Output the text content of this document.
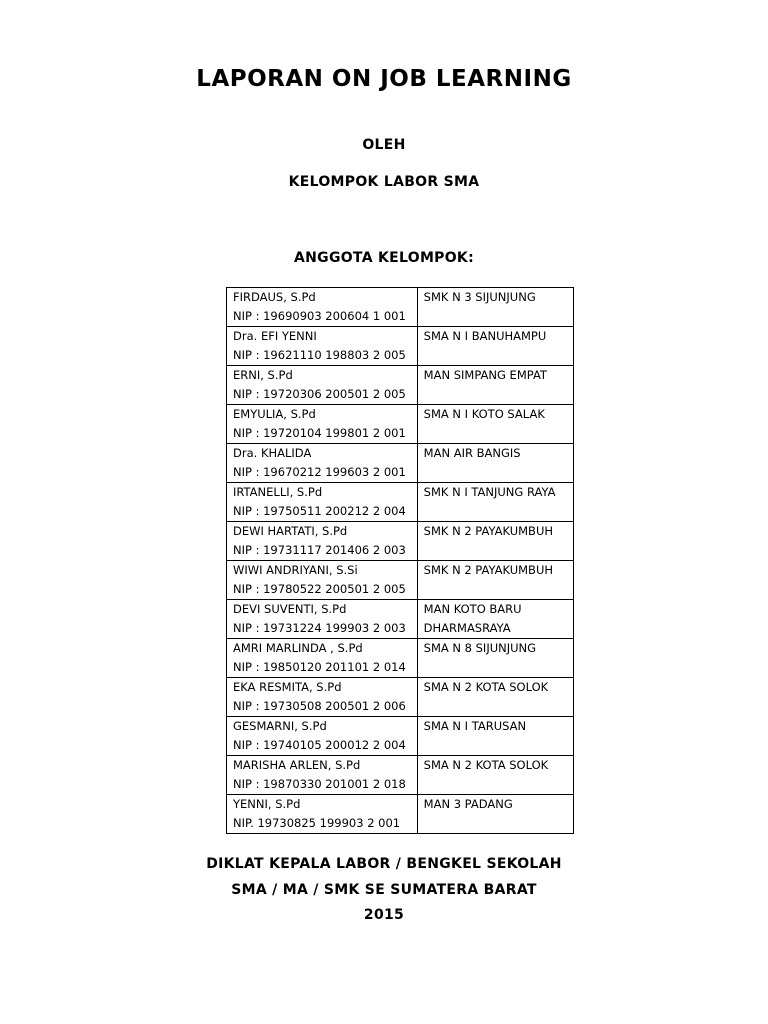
LAPORAN ON JOB LEARNING
OLEH
KELOMPOK LABOR SMA
ANGGOTA KELOMPOK:
FIRDAUS, S.Pd
NIP : 19690903 200604 1 001	SMK N 3 SIJUNJUNG

Dra. EFI YENNI
NIP : 19621110 198803 2 005	SMA N I BANUHAMPU

ERNI, S.Pd
NIP : 19720306 200501 2 005	MAN SIMPANG EMPAT

EMYULIA, S.Pd
NIP : 19720104 199801 2 001	SMA N I KOTO SALAK

Dra. KHALIDA
NIP : 19670212 199603 2 001	MAN AIR BANGIS

IRTANELLI, S.Pd
NIP : 19750511 200212 2 004	SMK N I TANJUNG RAYA

DEWI HARTATI, S.Pd
NIP : 19731117 201406 2 003	SMK N 2 PAYAKUMBUH

WIWI ANDRIYANI, S.Si
NIP : 19780522 200501 2 005	SMK N 2 PAYAKUMBUH

DEVI SUVENTI, S.Pd
NIP : 19731224 199903 2 003	MAN KOTO BARU
DHARMASRAYA

AMRI MARLINDA , S.Pd
NIP : 19850120 201101 2 014	SMA N 8 SIJUNJUNG

EKA RESMITA, S.Pd
NIP : 19730508 200501 2 006	SMA N 2 KOTA SOLOK

GESMARNI, S.Pd
NIP : 19740105 200012 2 004	SMA N I TARUSAN

MARISHA ARLEN, S.Pd
NIP : 19870330 201001 2 018	SMA N 2 KOTA SOLOK

YENNI, S.Pd
NIP. 19730825 199903 2 001	MAN 3 PADANG
DIKLAT KEPALA LABOR / BENGKEL SEKOLAH
SMA / MA / SMK SE SUMATERA BARAT
2015
